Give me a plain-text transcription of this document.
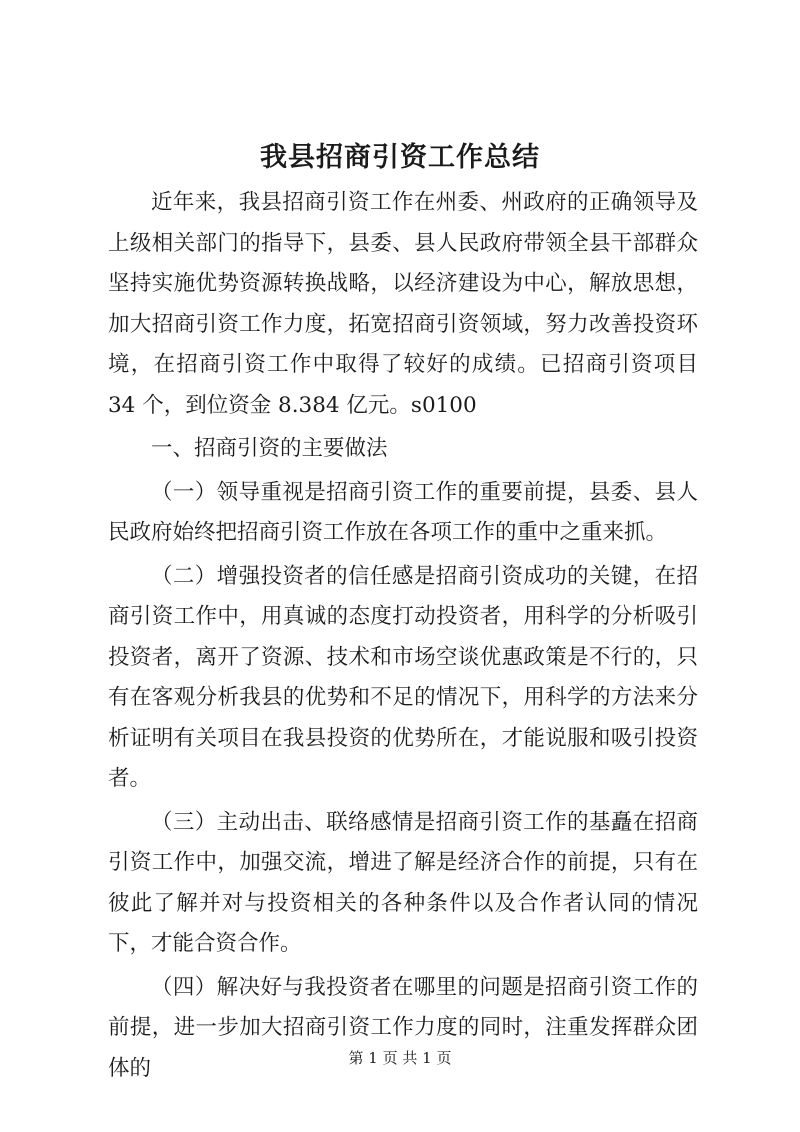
我县招商引资工作总结

近年来，我县招商引资工作在州委、州政府的正确领导及上级相关部门的指导下，县委、县人民政府带领全县干部群众坚持实施优势资源转换战略，以经济建设为中心，解放思想，加大招商引资工作力度，拓宽招商引资领域，努力改善投资环境，在招商引资工作中取得了较好的成绩。已招商引资项目 34 个，到位资金 8.384 亿元。s0100

一、招商引资的主要做法

（一）领导重视是招商引资工作的重要前提，县委、县人民政府始终把招商引资工作放在各项工作的重中之重来抓。

（二）增强投资者的信任感是招商引资成功的关键，在招商引资工作中，用真诚的态度打动投资者，用科学的分析吸引投资者，离开了资源、技术和市场空谈优惠政策是不行的，只有在客观分析我县的优势和不足的情况下，用科学的方法来分析证明有关项目在我县投资的优势所在，才能说服和吸引投资者。

（三）主动出击、联络感情是招商引资工作的基矗在招商引资工作中，加强交流，增进了解是经济合作的前提，只有在彼此了解并对与投资相关的各种条件以及合作者认同的情况下，才能合资合作。

（四）解决好与我投资者在哪里的问题是招商引资工作的前提，进一步加大招商引资工作力度的同时，注重发挥群众团体的	第 1 页 共 1 页
